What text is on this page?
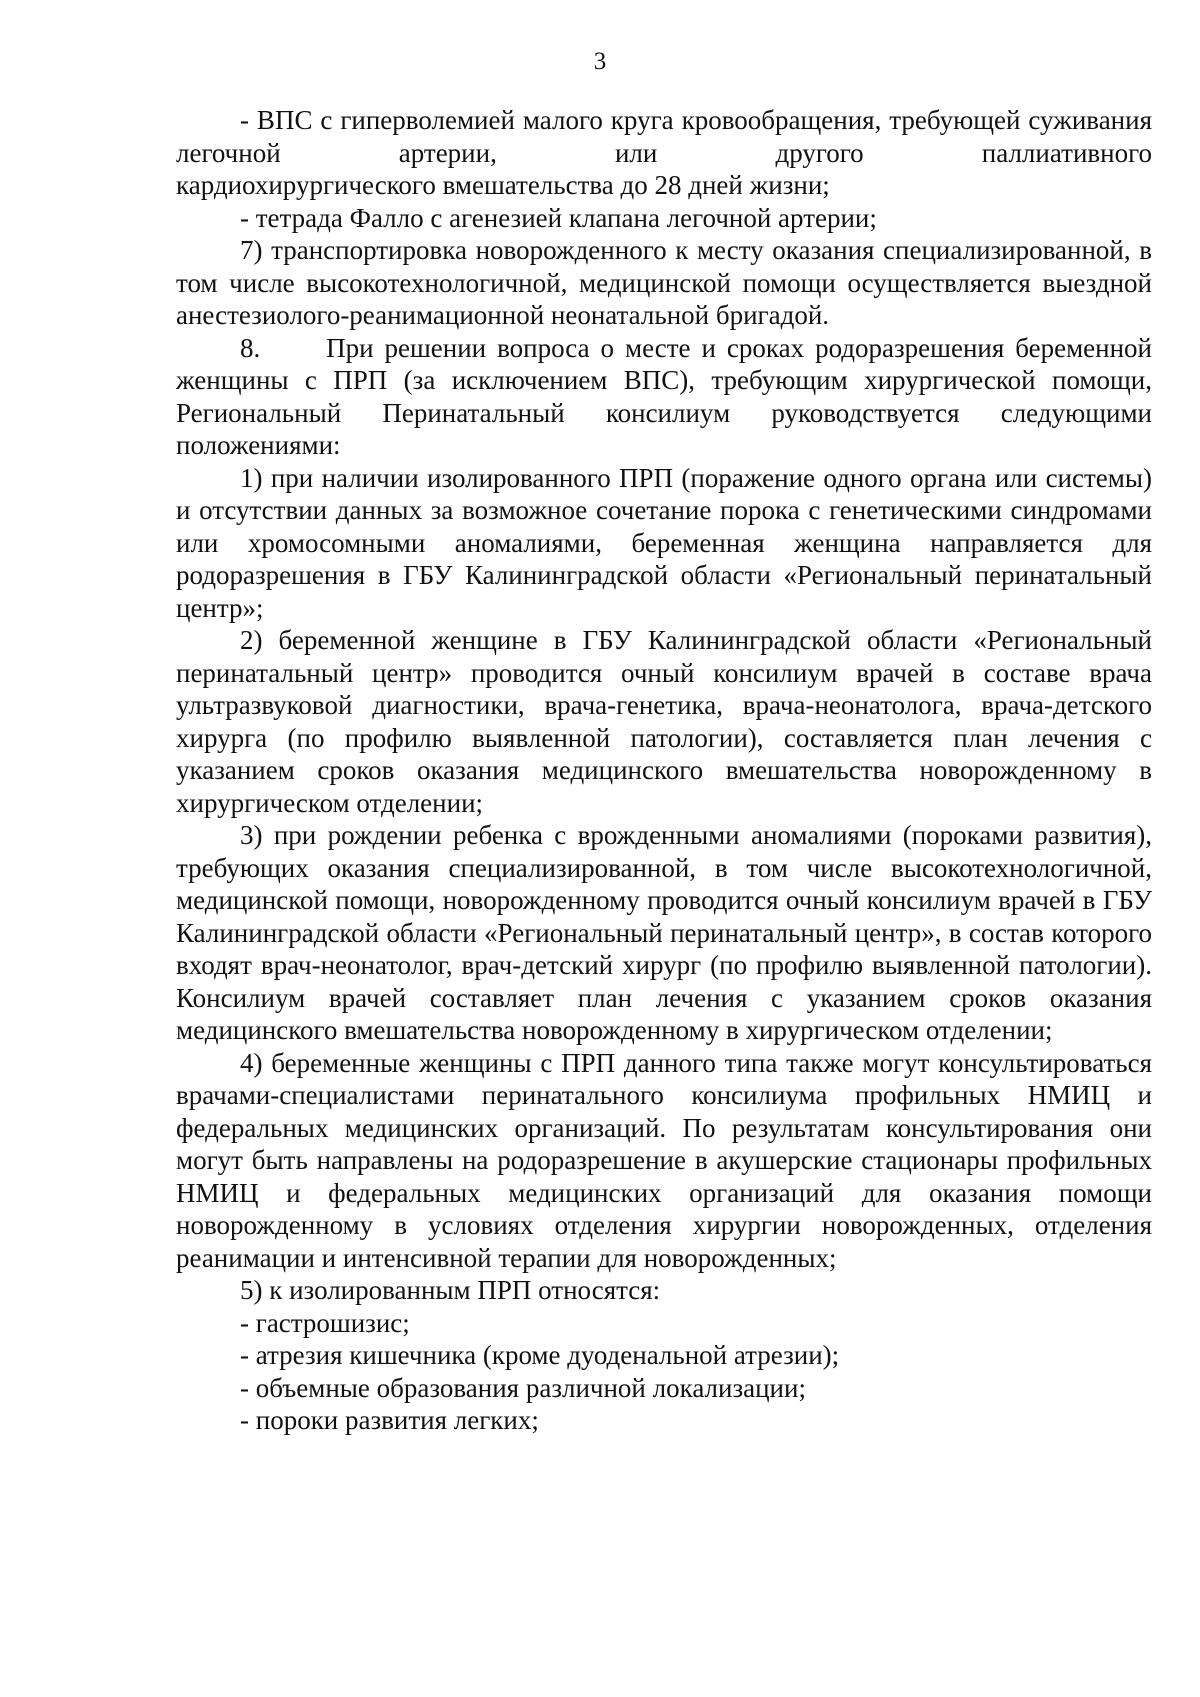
3

- ВПС с гиперволемией малого круга кровообращения, требующей суживания легочной артерии, или другого паллиативного

кардиохирургического вмешательства до 28 дней жизни;

- тетрада Фалло с агенезией клапана легочной артерии;

7) транспортировка новорожденного к месту оказания специализированной, в том числе высокотехнологичной, медицинской помощи осуществляется выездной анестезиолого-реанимационной неонатальной бригадой.

8.      При решении вопроса о месте и сроках родоразрешения беременной женщины с ПРП (за исключением ВПС), требующим хирургической помощи, Региональный Перинатальный консилиум руководствуется следующими положениями:

1) при наличии изолированного ПРП (поражение одного органа или системы) и отсутствии данных за возможное сочетание порока с генетическими синдромами или хромосомными аномалиями, беременная женщина направляется для родоразрешения в ГБУ Калининградской области «Региональный перинатальный центр»;

2) беременной женщине в ГБУ Калининградской области «Региональный перинатальный центр» проводится очный консилиум врачей в составе врача ультразвуковой диагностики, врача-генетика, врача-неонатолога, врача-детского хирурга (по профилю выявленной патологии), составляется план лечения с указанием сроков оказания медицинского вмешательства новорожденному в хирургическом отделении;

3) при рождении ребенка с врожденными аномалиями (пороками развития), требующих оказания специализированной, в том числе высокотехнологичной, медицинской помощи, новорожденному проводится очный консилиум врачей в ГБУ Калининградской области «Региональный перинатальный центр», в состав которого входят врач-неонатолог, врач-детский хирург (по профилю выявленной патологии). Консилиум врачей составляет план лечения с указанием сроков оказания медицинского вмешательства новорожденному в хирургическом отделении;

4) беременные женщины с ПРП данного типа также могут консультироваться врачами-специалистами перинатального консилиума профильных НМИЦ и федеральных медицинских организаций. По результатам консультирования они могут быть направлены на родоразрешение в акушерские стационары профильных НМИЦ и федеральных медицинских организаций для оказания помощи новорожденному в условиях отделения хирургии новорожденных, отделения реанимации и интенсивной терапии для новорожденных;

5) к изолированным ПРП относятся:

- гастрошизис;

- атрезия кишечника (кроме дуоденальной атрезии);

- объемные образования различной локализации;

- пороки развития легких;
